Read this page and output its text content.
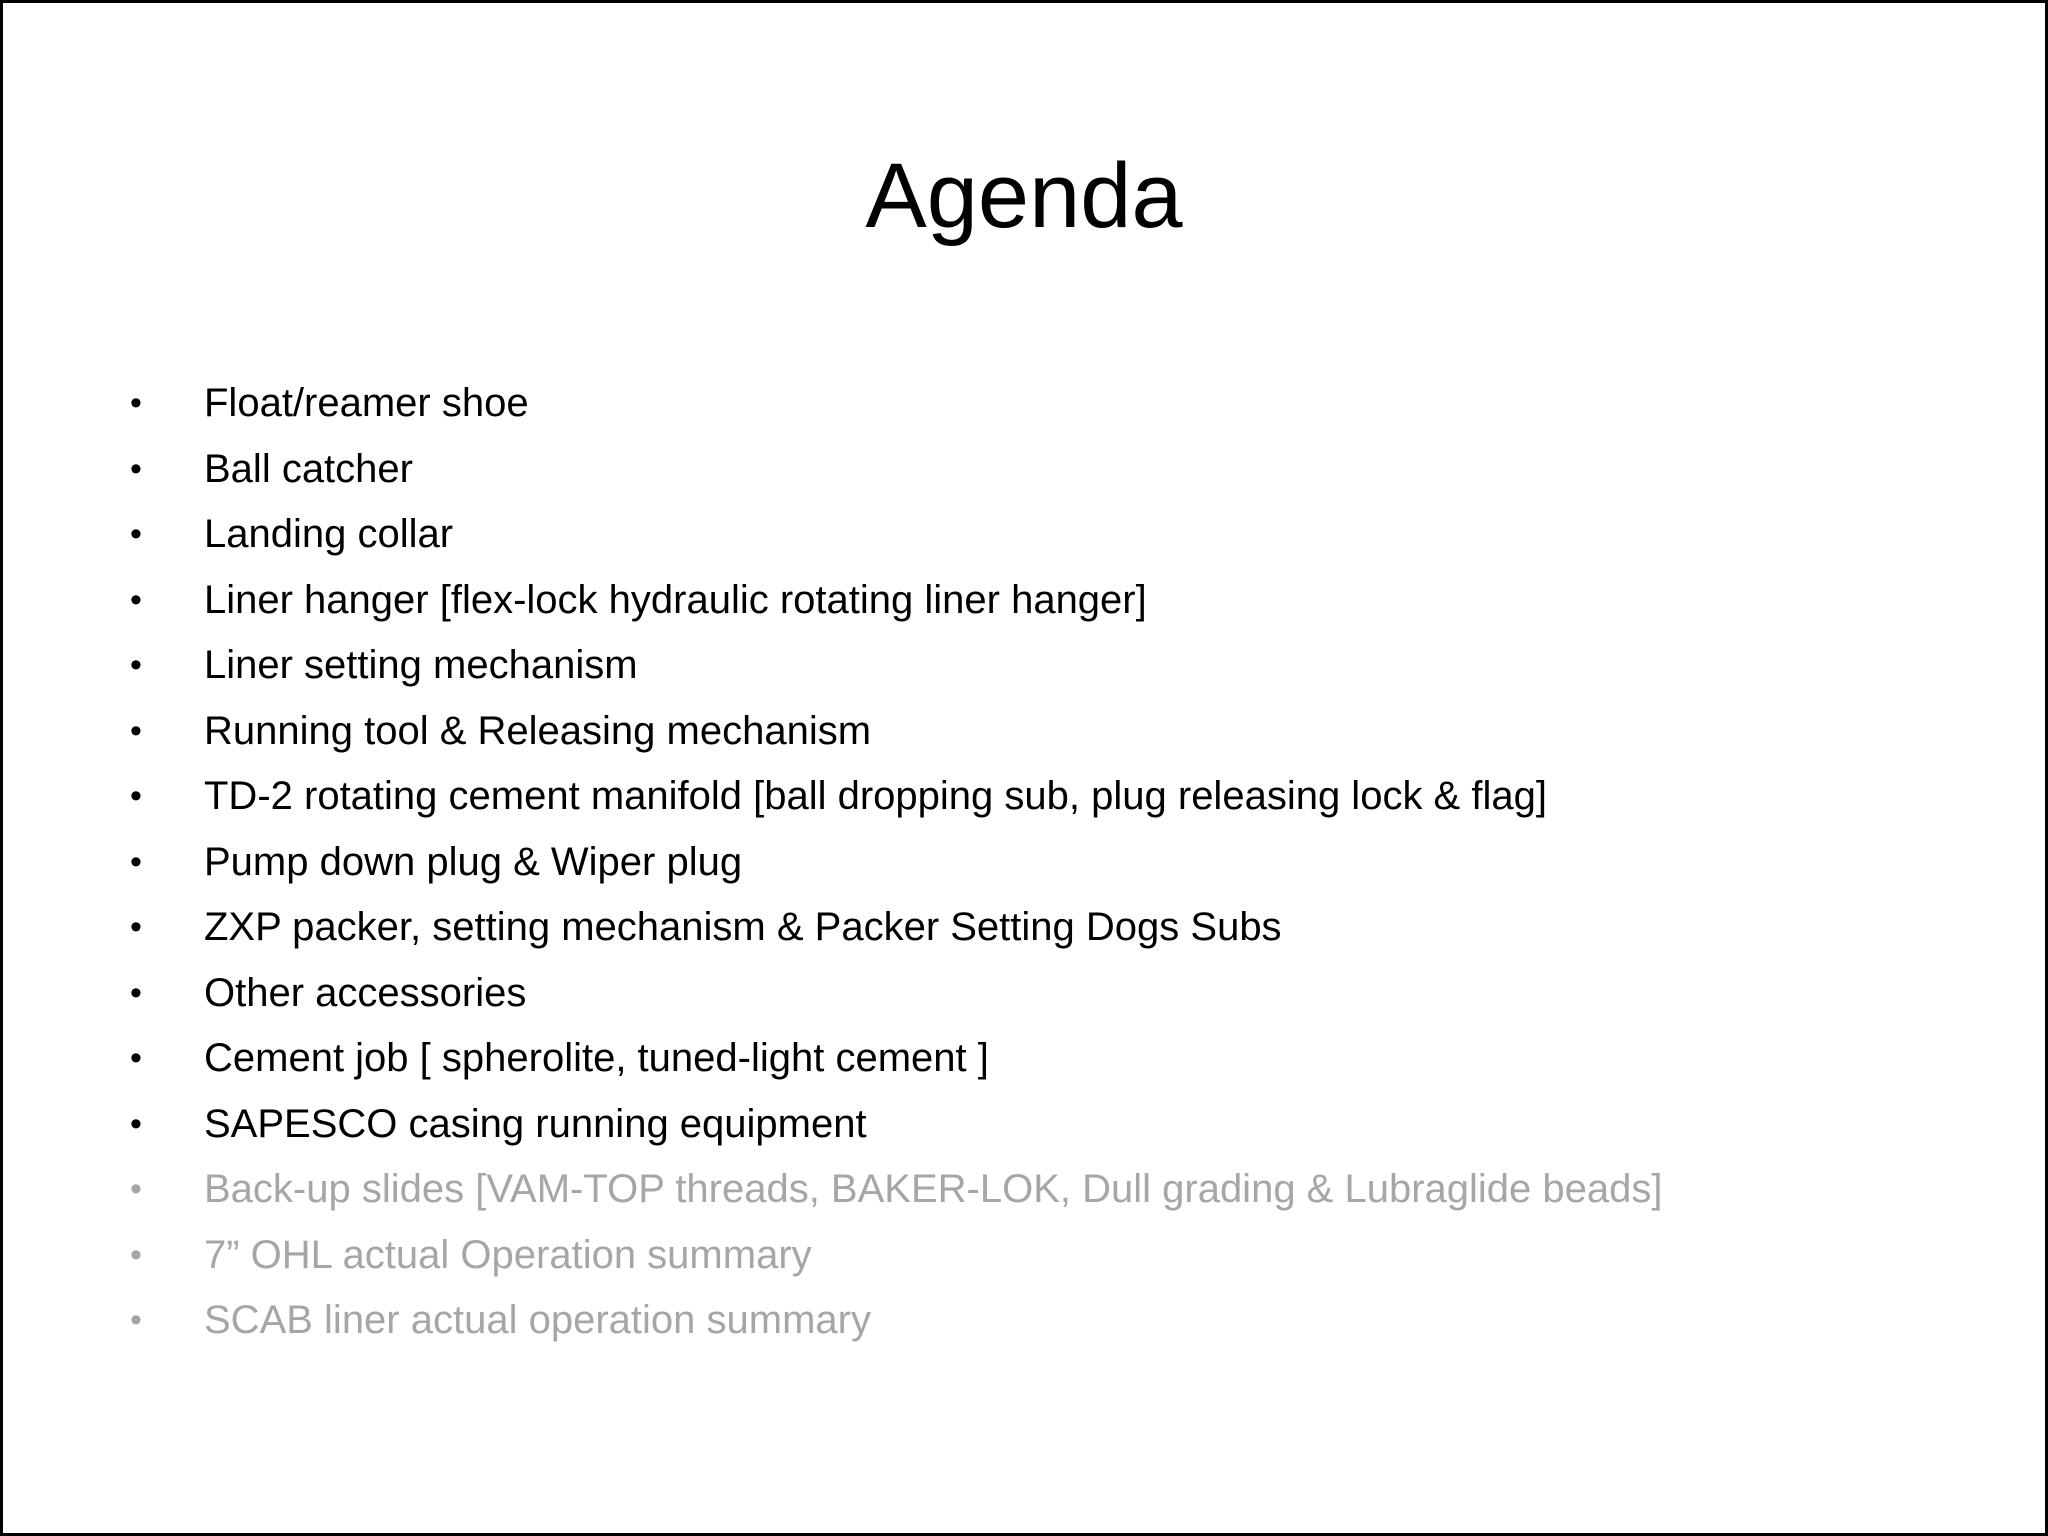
Agenda
• Float/reamer shoe
• Ball catcher
• Landing collar
• Liner hanger [flex-lock hydraulic rotating liner hanger]
• Liner setting mechanism
• Running tool & Releasing mechanism
• TD-2 rotating cement manifold [ball dropping sub, plug releasing lock & flag]
• Pump down plug & Wiper plug
• ZXP packer, setting mechanism & Packer Setting Dogs Subs
• Other accessories
• Cement job [ spherolite, tuned-light cement ]
• SAPESCO casing running equipment
• Back-up slides [VAM-TOP threads, BAKER-LOK, Dull grading & Lubraglide beads]
• 7” OHL actual Operation summary
• SCAB liner actual operation summary
